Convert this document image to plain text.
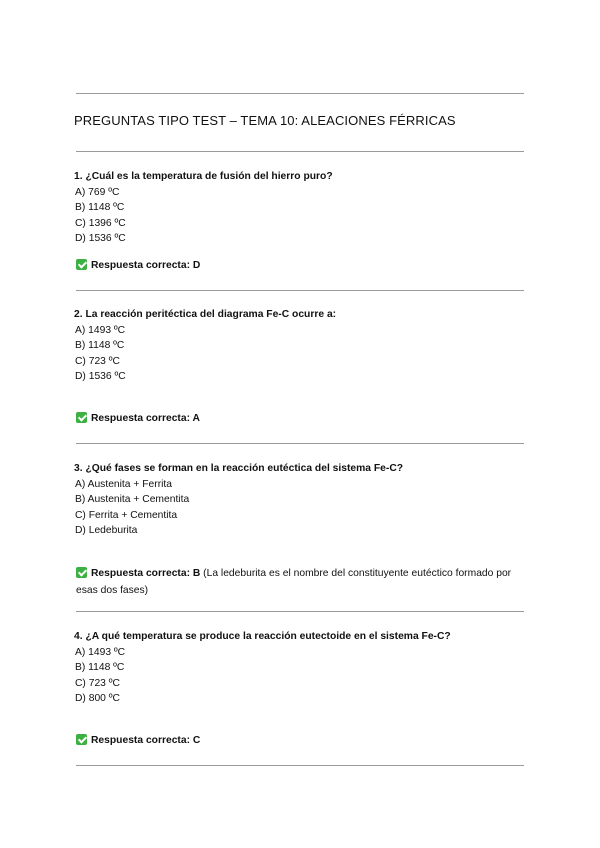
PREGUNTAS TIPO TEST – TEMA 10: ALEACIONES FÉRRICAS

1. ¿Cuál es la temperatura de fusión del hierro puro?

A) 769 ºC

B) 1148 ºC

C) 1396 ºC

D) 1536 ºC

Respuesta correcta: D

2. La reacción peritéctica del diagrama Fe-C ocurre a:

A) 1493 ºC

B) 1148 ºC

C) 723 ºC

D) 1536 ºC

Respuesta correcta: A

3. ¿Qué fases se forman en la reacción eutéctica del sistema Fe-C?

A) Austenita + Ferrita

B) Austenita + Cementita

C) Ferrita + Cementita

D) Ledeburita

Respuesta correcta: B (La ledeburita es el nombre del constituyente eutéctico formado por esas dos fases)

4. ¿A qué temperatura se produce la reacción eutectoide en el sistema Fe-C?

A) 1493 ºC

B) 1148 ºC

C) 723 ºC

D) 800 ºC

Respuesta correcta: C
